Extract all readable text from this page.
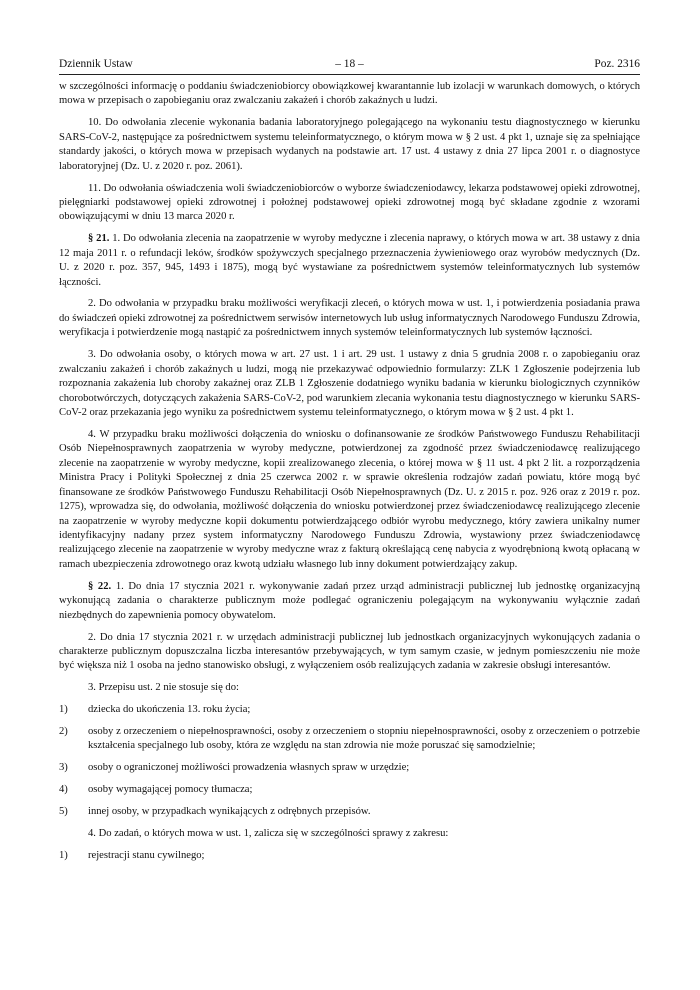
Dziennik Ustaw	– 18 –	Poz. 2316

w szczególności informację o poddaniu świadczeniobiorcy obowiązkowej kwarantannie lub izolacji w warunkach domowych, o których mowa w przepisach o zapobieganiu oraz zwalczaniu zakażeń i chorób zakaźnych u ludzi.

10. Do odwołania zlecenie wykonania badania laboratoryjnego polegającego na wykonaniu testu diagnostycznego w kierunku SARS-CoV-2, następujące za pośrednictwem systemu teleinformatycznego, o którym mowa w § 2 ust. 4 pkt 1, uznaje się za spełniające standardy jakości, o których mowa w przepisach wydanych na podstawie art. 17 ust. 4 ustawy z dnia 27 lipca 2001 r. o diagnostyce laboratoryjnej (Dz. U. z 2020 r. poz. 2061).

11. Do odwołania oświadczenia woli świadczeniobiorców o wyborze świadczeniodawcy, lekarza podstawowej opieki zdrowotnej, pielęgniarki podstawowej opieki zdrowotnej i położnej podstawowej opieki zdrowotnej mogą być składane zgodnie z wzorami obowiązującymi w dniu 13 marca 2020 r.

§ 21. 1. Do odwołania zlecenia na zaopatrzenie w wyroby medyczne i zlecenia naprawy, o których mowa w art. 38 ustawy z dnia 12 maja 2011 r. o refundacji leków, środków spożywczych specjalnego przeznaczenia żywieniowego oraz wyrobów medycznych (Dz. U. z 2020 r. poz. 357, 945, 1493 i 1875), mogą być wystawiane za pośrednictwem systemów teleinformatycznych lub systemów łączności.

2. Do odwołania w przypadku braku możliwości weryfikacji zleceń, o których mowa w ust. 1, i potwierdzenia posiadania prawa do świadczeń opieki zdrowotnej za pośrednictwem serwisów internetowych lub usług informatycznych Narodowego Funduszu Zdrowia, weryfikacja i potwierdzenie mogą nastąpić za pośrednictwem innych systemów teleinformatycznych lub systemów łączności.

3. Do odwołania osoby, o których mowa w art. 27 ust. 1 i art. 29 ust. 1 ustawy z dnia 5 grudnia 2008 r. o zapobieganiu oraz zwalczaniu zakażeń i chorób zakaźnych u ludzi, mogą nie przekazywać odpowiednio formularzy: ZLK 1 Zgłoszenie podejrzenia lub rozpoznania zakażenia lub choroby zakaźnej oraz ZLB 1 Zgłoszenie dodatniego wyniku badania w kierunku biologicznych czynników chorobotwórczych, dotyczących zakażenia SARS-CoV-2, pod warunkiem zlecania wykonania testu diagnostycznego w kierunku SARS-CoV-2 oraz przekazania jego wyniku za pośrednictwem systemu teleinformatycznego, o którym mowa w § 2 ust. 4 pkt 1.

4. W przypadku braku możliwości dołączenia do wniosku o dofinansowanie ze środków Państwowego Funduszu Rehabilitacji Osób Niepełnosprawnych zaopatrzenia w wyroby medyczne, potwierdzonej za zgodność przez świadczeniodawcę realizującego zlecenie na zaopatrzenie w wyroby medyczne, kopii zrealizowanego zlecenia, o której mowa w § 11 ust. 4 pkt 2 lit. a rozporządzenia Ministra Pracy i Polityki Społecznej z dnia 25 czerwca 2002 r. w sprawie określenia rodzajów zadań powiatu, które mogą być finansowane ze środków Państwowego Funduszu Rehabilitacji Osób Niepełnosprawnych (Dz. U. z 2015 r. poz. 926 oraz z 2019 r. poz. 1275), wprowadza się, do odwołania, możliwość dołączenia do wniosku potwierdzonej przez świadczeniodawcę realizującego zlecenie na zaopatrzenie w wyroby medyczne kopii dokumentu potwierdzającego odbiór wyrobu medycznego, który zawiera unikalny numer identyfikacyjny nadany przez system informatyczny Narodowego Funduszu Zdrowia, wystawiony przez świadczeniodawcę realizującego zlecenie na zaopatrzenie w wyroby medyczne wraz z fakturą określającą cenę nabycia z wyodrębnioną kwotą opłacaną w ramach ubezpieczenia zdrowotnego oraz kwotą udziału własnego lub inny dokument potwierdzający zakup.

§ 22. 1. Do dnia 17 stycznia 2021 r. wykonywanie zadań przez urząd administracji publicznej lub jednostkę organizacyjną wykonującą zadania o charakterze publicznym może podlegać ograniczeniu polegającym na wykonywaniu wyłącznie zadań niezbędnych do zapewnienia pomocy obywatelom.

2. Do dnia 17 stycznia 2021 r. w urzędach administracji publicznej lub jednostkach organizacyjnych wykonujących zadania o charakterze publicznym dopuszczalna liczba interesantów przebywających, w tym samym czasie, w jednym pomieszczeniu nie może być większa niż 1 osoba na jedno stanowisko obsługi, z wyłączeniem osób realizujących zadania w zakresie obsługi interesantów.

3. Przepisu ust. 2 nie stosuje się do:

1)	dziecka do ukończenia 13. roku życia;
2)	osoby z orzeczeniem o niepełnosprawności, osoby z orzeczeniem o stopniu niepełnosprawności, osoby z orzeczeniem o potrzebie kształcenia specjalnego lub osoby, która ze względu na stan zdrowia nie może poruszać się samodzielnie;
3)	osoby o ograniczonej możliwości prowadzenia własnych spraw w urzędzie;
4)	osoby wymagającej pomocy tłumacza;
5)	innej osoby, w przypadkach wynikających z odrębnych przepisów.

4. Do zadań, o których mowa w ust. 1, zalicza się w szczególności sprawy z zakresu:

1)	rejestracji stanu cywilnego;
